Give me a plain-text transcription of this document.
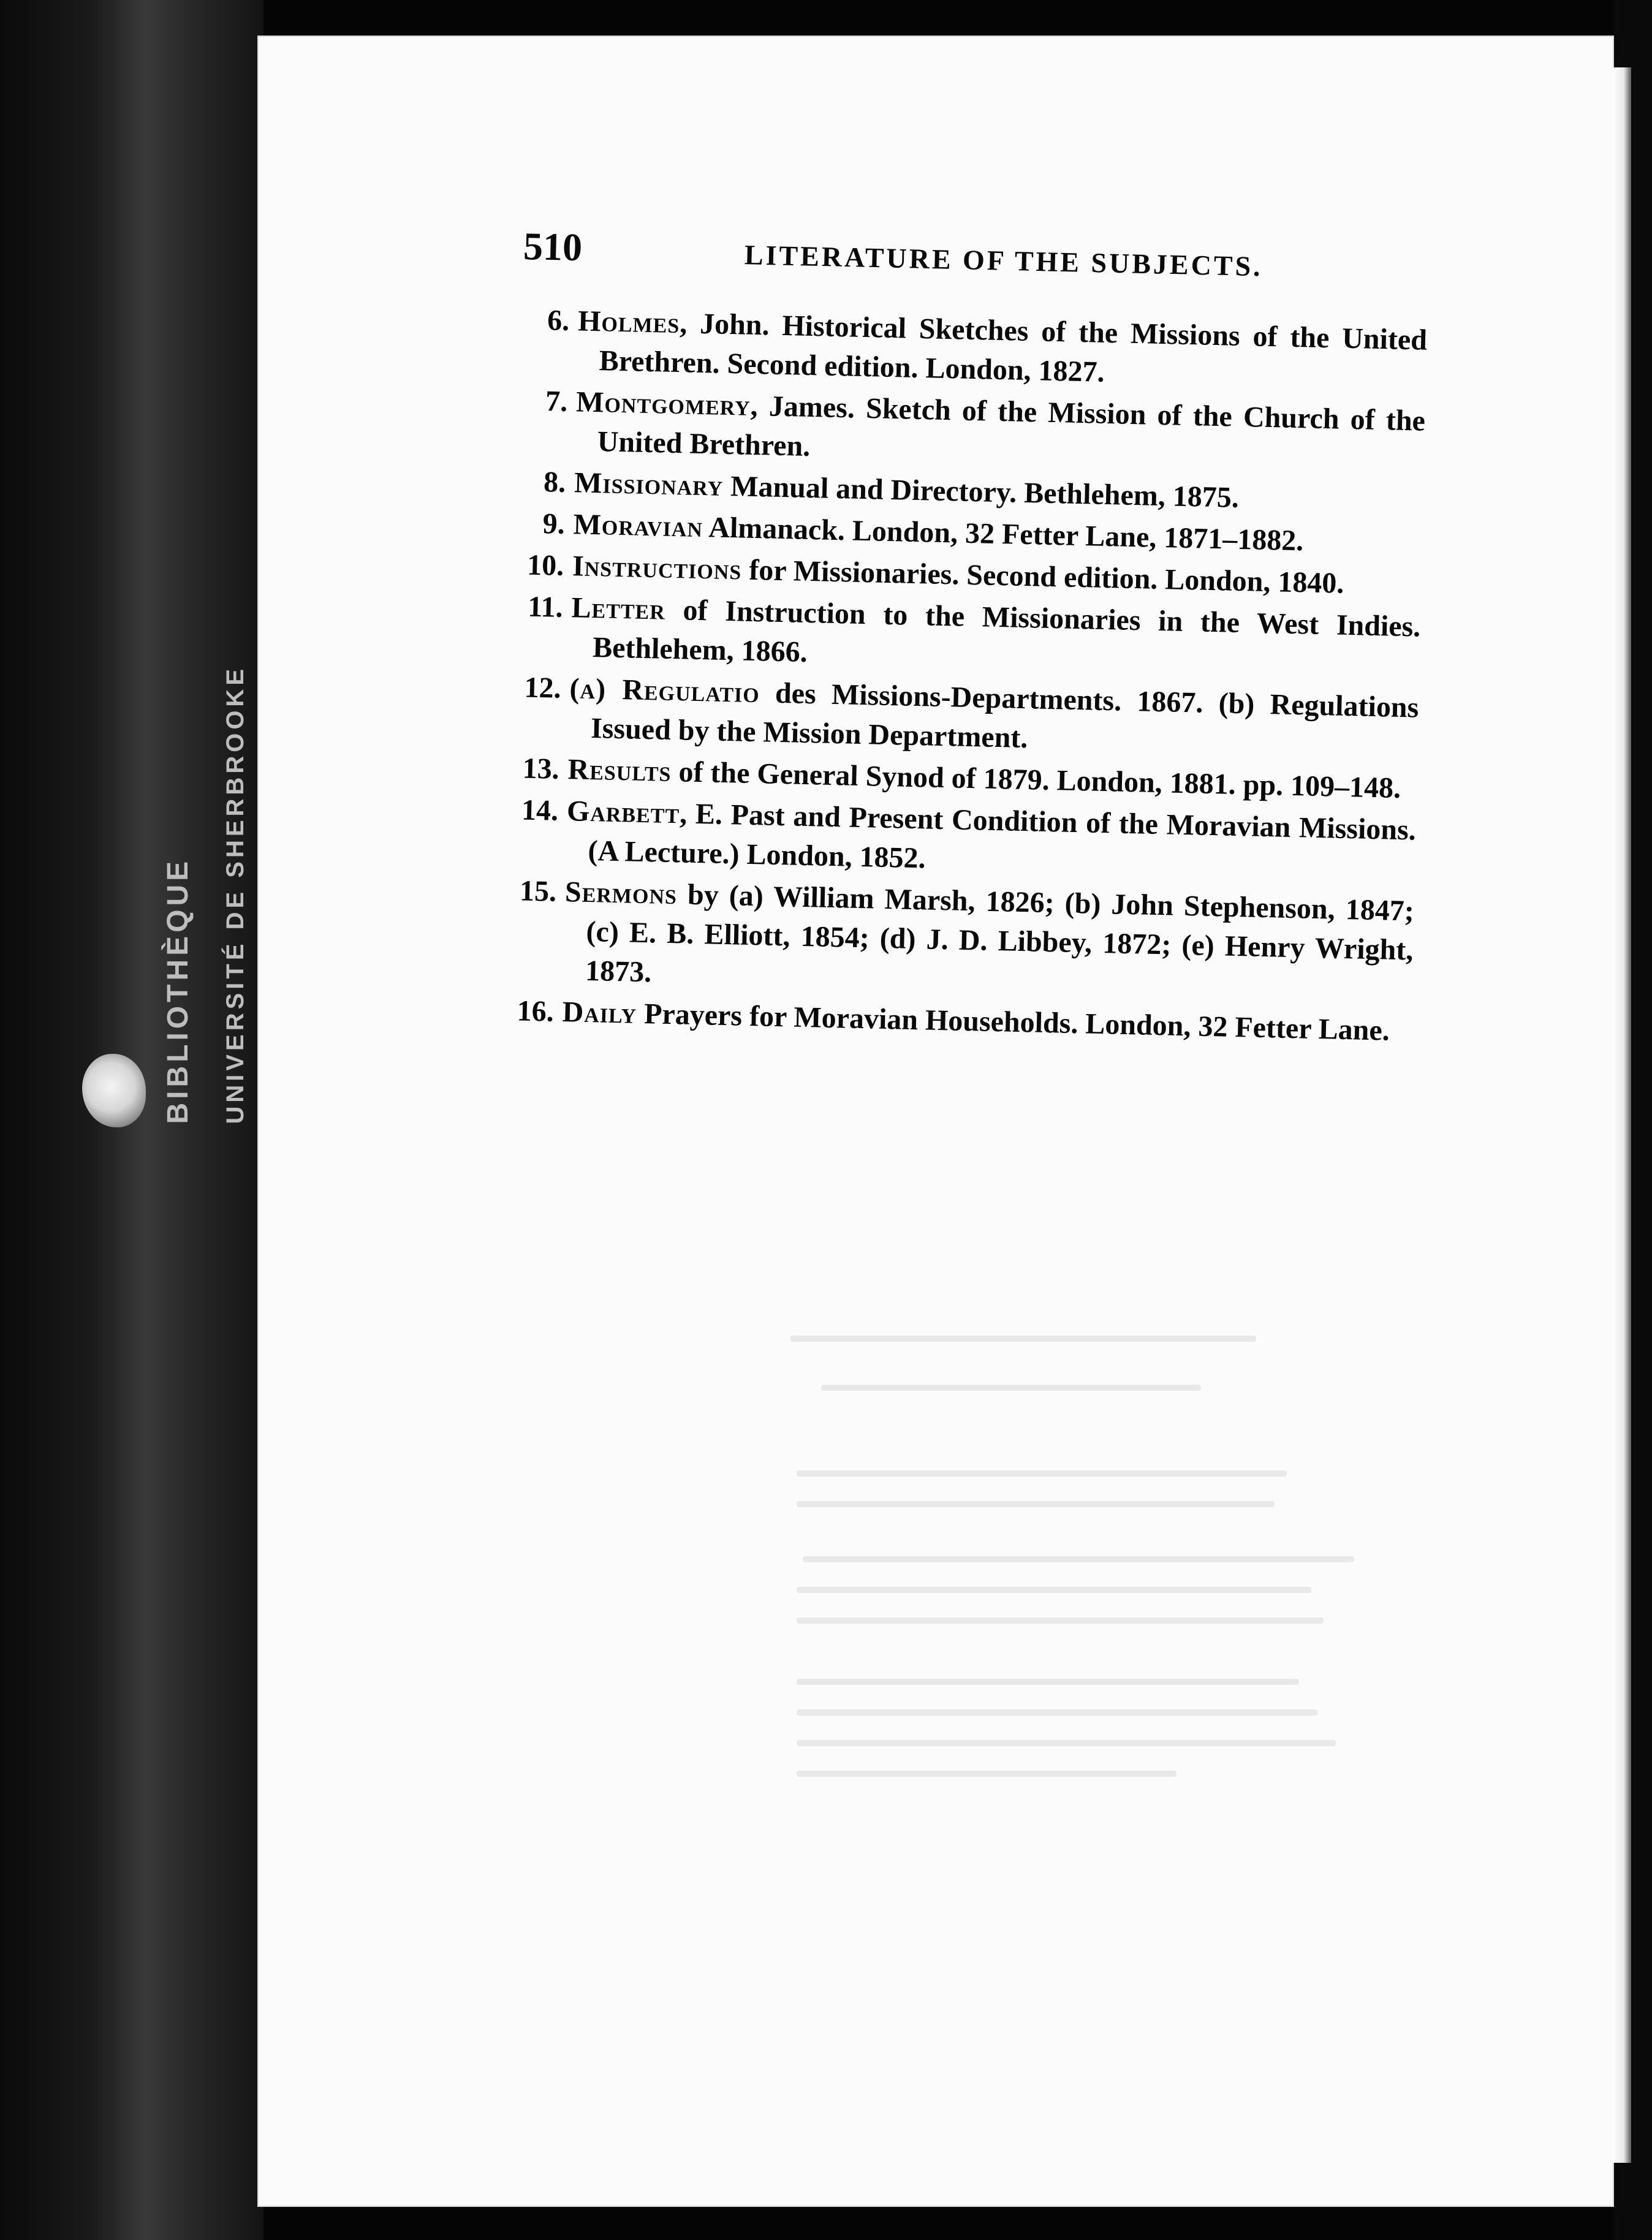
BIBLIOTHÈQUE UNIVERSITÉ DE SHERBROOKE
510	LITERATURE OF THE SUBJECTS.
6. Holmes, John. Historical Sketches of the Missions of the United Brethren. Second edition. London, 1827.
7. Montgomery, James. Sketch of the Mission of the Church of the United Brethren.
8. Missionary Manual and Directory. Bethlehem, 1875.
9. Moravian Almanack. London, 32 Fetter Lane, 1871–1882.
10. Instructions for Missionaries. Second edition. London, 1840.
11. Letter of Instruction to the Missionaries in the West Indies. Bethlehem, 1866.
12. (a) Regulatio des Missions-Departments. 1867. (b) Regulations Issued by the Mission Department.
13. Results of the General Synod of 1879. London, 1881. pp. 109–148.
14. Garbett, E. Past and Present Condition of the Moravian Missions. (A Lecture.) London, 1852.
15. Sermons by (a) William Marsh, 1826; (b) John Stephenson, 1847; (c) E. B. Elliott, 1854; (d) J. D. Libbey, 1872; (e) Henry Wright, 1873.
16. Daily Prayers for Moravian Households. London, 32 Fetter Lane.
